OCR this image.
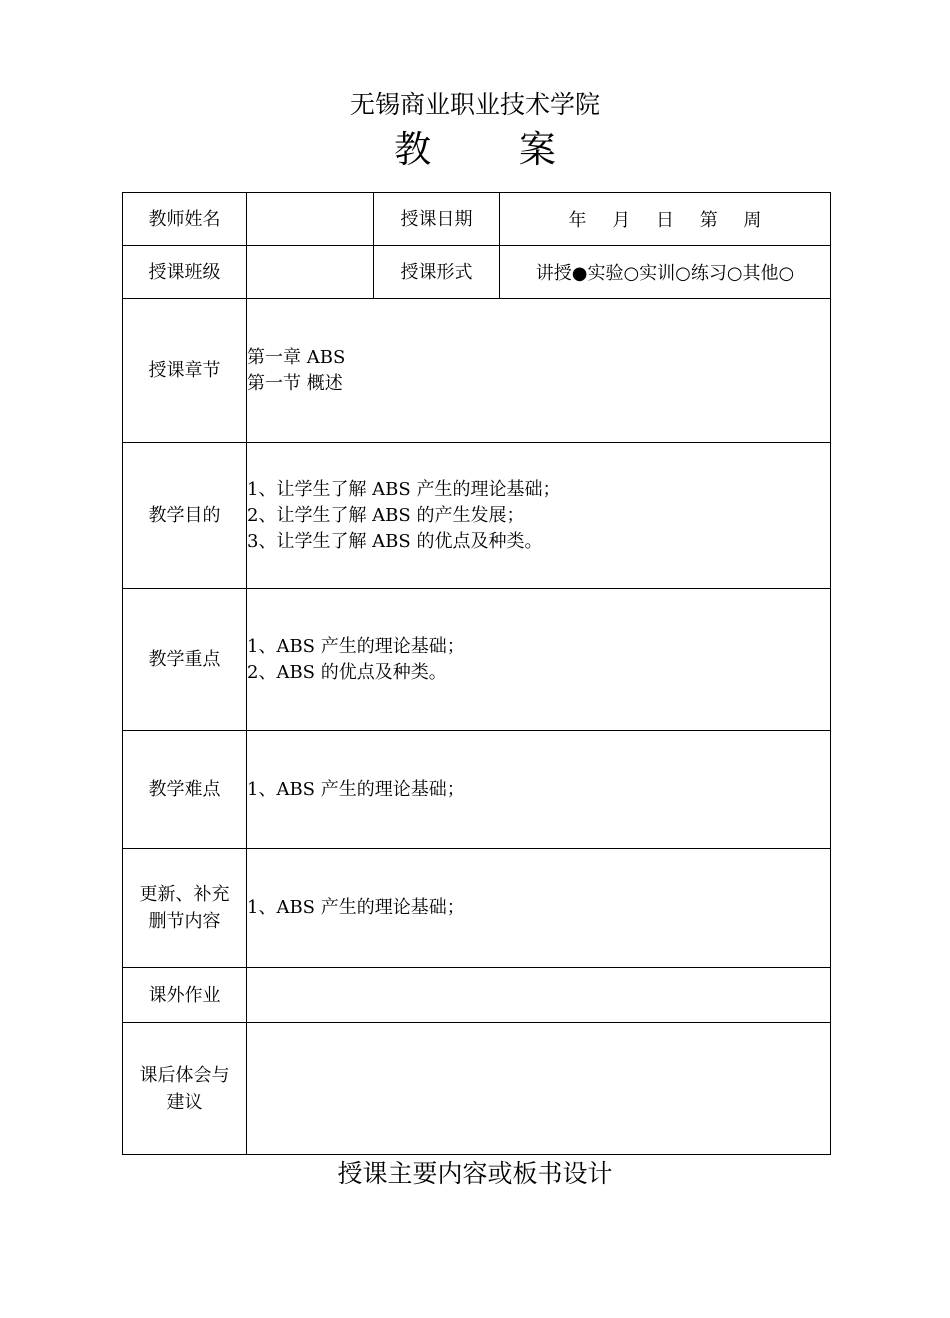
无锡商业职业技术学院
教 案
教师姓名		授课日期	年 月 日 第 周
授课班级		授课形式	讲授●实验○实训○练习○其他○
授课章节	第一章 ABS
第一节 概述		

教学目的	1、让学生了解 ABS 产生的理论基础；
2、让学生了解 ABS 的产生发展；
3、让学生了解 ABS 的优点及种类。		

教学重点	1、ABS 产生的理论基础；
2、ABS 的优点及种类。		

教学难点	1、ABS 产生的理论基础；		

更新、补充
删节内容	1、ABS 产生的理论基础；		

课外作业			

课后体会与
建议			

授课主要内容或板书设计
